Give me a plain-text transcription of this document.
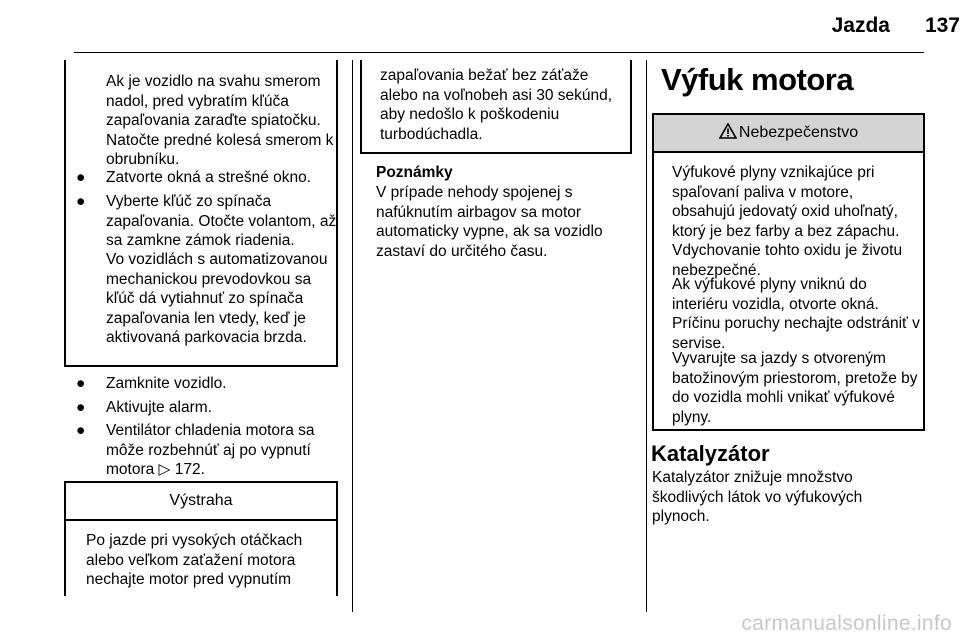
Jazda 137
Ak je vozidlo na svahu smerom nadol, pred vybratím kľúča zapaľovania zaraďte spiatočku. Natočte predné kolesá smerom k obrubníku.
● Zatvorte okná a strešné okno.
● Vyberte kľúč zo spínača zapaľovania. Otočte volantom, až sa zamkne zámok riadenia.
Vo vozidlách s automatizovanou mechanickou prevodovkou sa kľúč dá vytiahnuť zo spínača zapaľovania len vtedy, keď je aktivovaná parkovacia brzda.
● Zamknite vozidlo.
● Aktivujte alarm.
● Ventilátor chladenia motora sa môže rozbehnúť aj po vypnutí motora ▷ 172.
Výstraha
Po jazde pri vysokých otáčkach alebo veľkom zaťažení motora nechajte motor pred vypnutím
zapaľovania bežať bez záťaže alebo na voľnobeh asi 30 sekúnd, aby nedošlo k poškodeniu turbodúchadla.
Poznámky
V prípade nehody spojenej s nafúknutím airbagov sa motor automaticky vypne, ak sa vozidlo zastaví do určitého času.
Výfuk motora
Nebezpečenstvo
Výfukové plyny vznikajúce pri spaľovaní paliva v motore, obsahujú jedovatý oxid uhoľnatý, ktorý je bez farby a bez zápachu. Vdychovanie tohto oxidu je životu nebezpečné.
Ak výfukové plyny vniknú do interiéru vozidla, otvorte okná. Príčinu poruchy nechajte odstrániť v servise.
Vyvarujte sa jazdy s otvoreným batožinovým priestorom, pretože by do vozidla mohli vnikať výfukové plyny.
Katalyzátor
Katalyzátor znižuje množstvo škodlivých látok vo výfukových plynoch.
carmanualsonline.info
